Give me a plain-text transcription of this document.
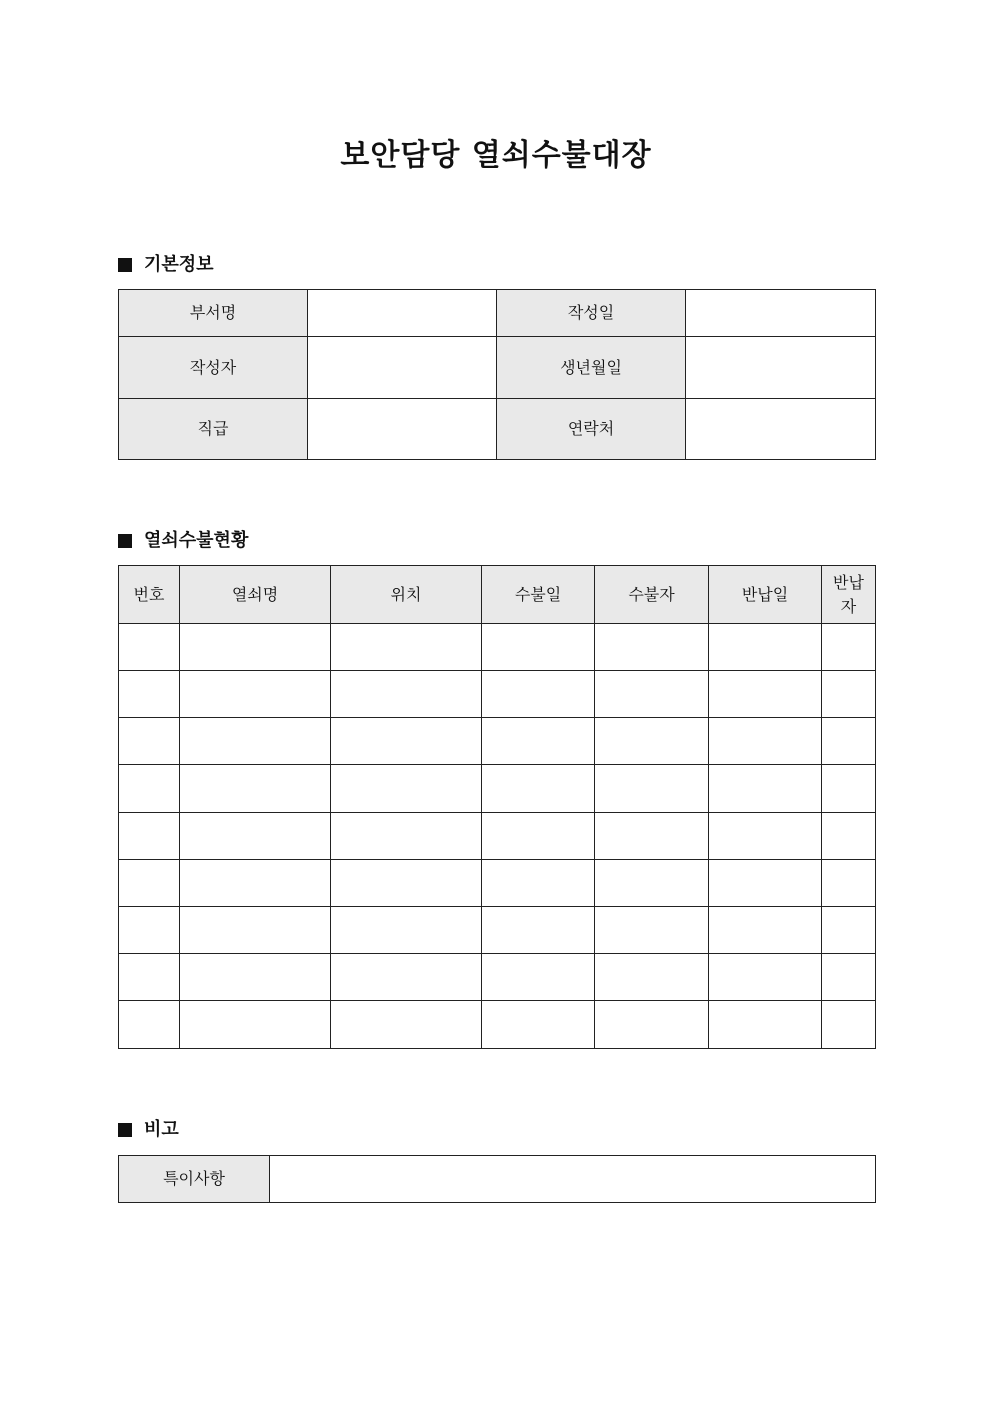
보안담당 열쇠수불대장
기본정보
부서명		작성일	
작성자		생년월일	
직급		연락처	
열쇠수불현황
번호	열쇠명	위치	수불일	수불자	반납일	반납
자

비고
특이사항	
